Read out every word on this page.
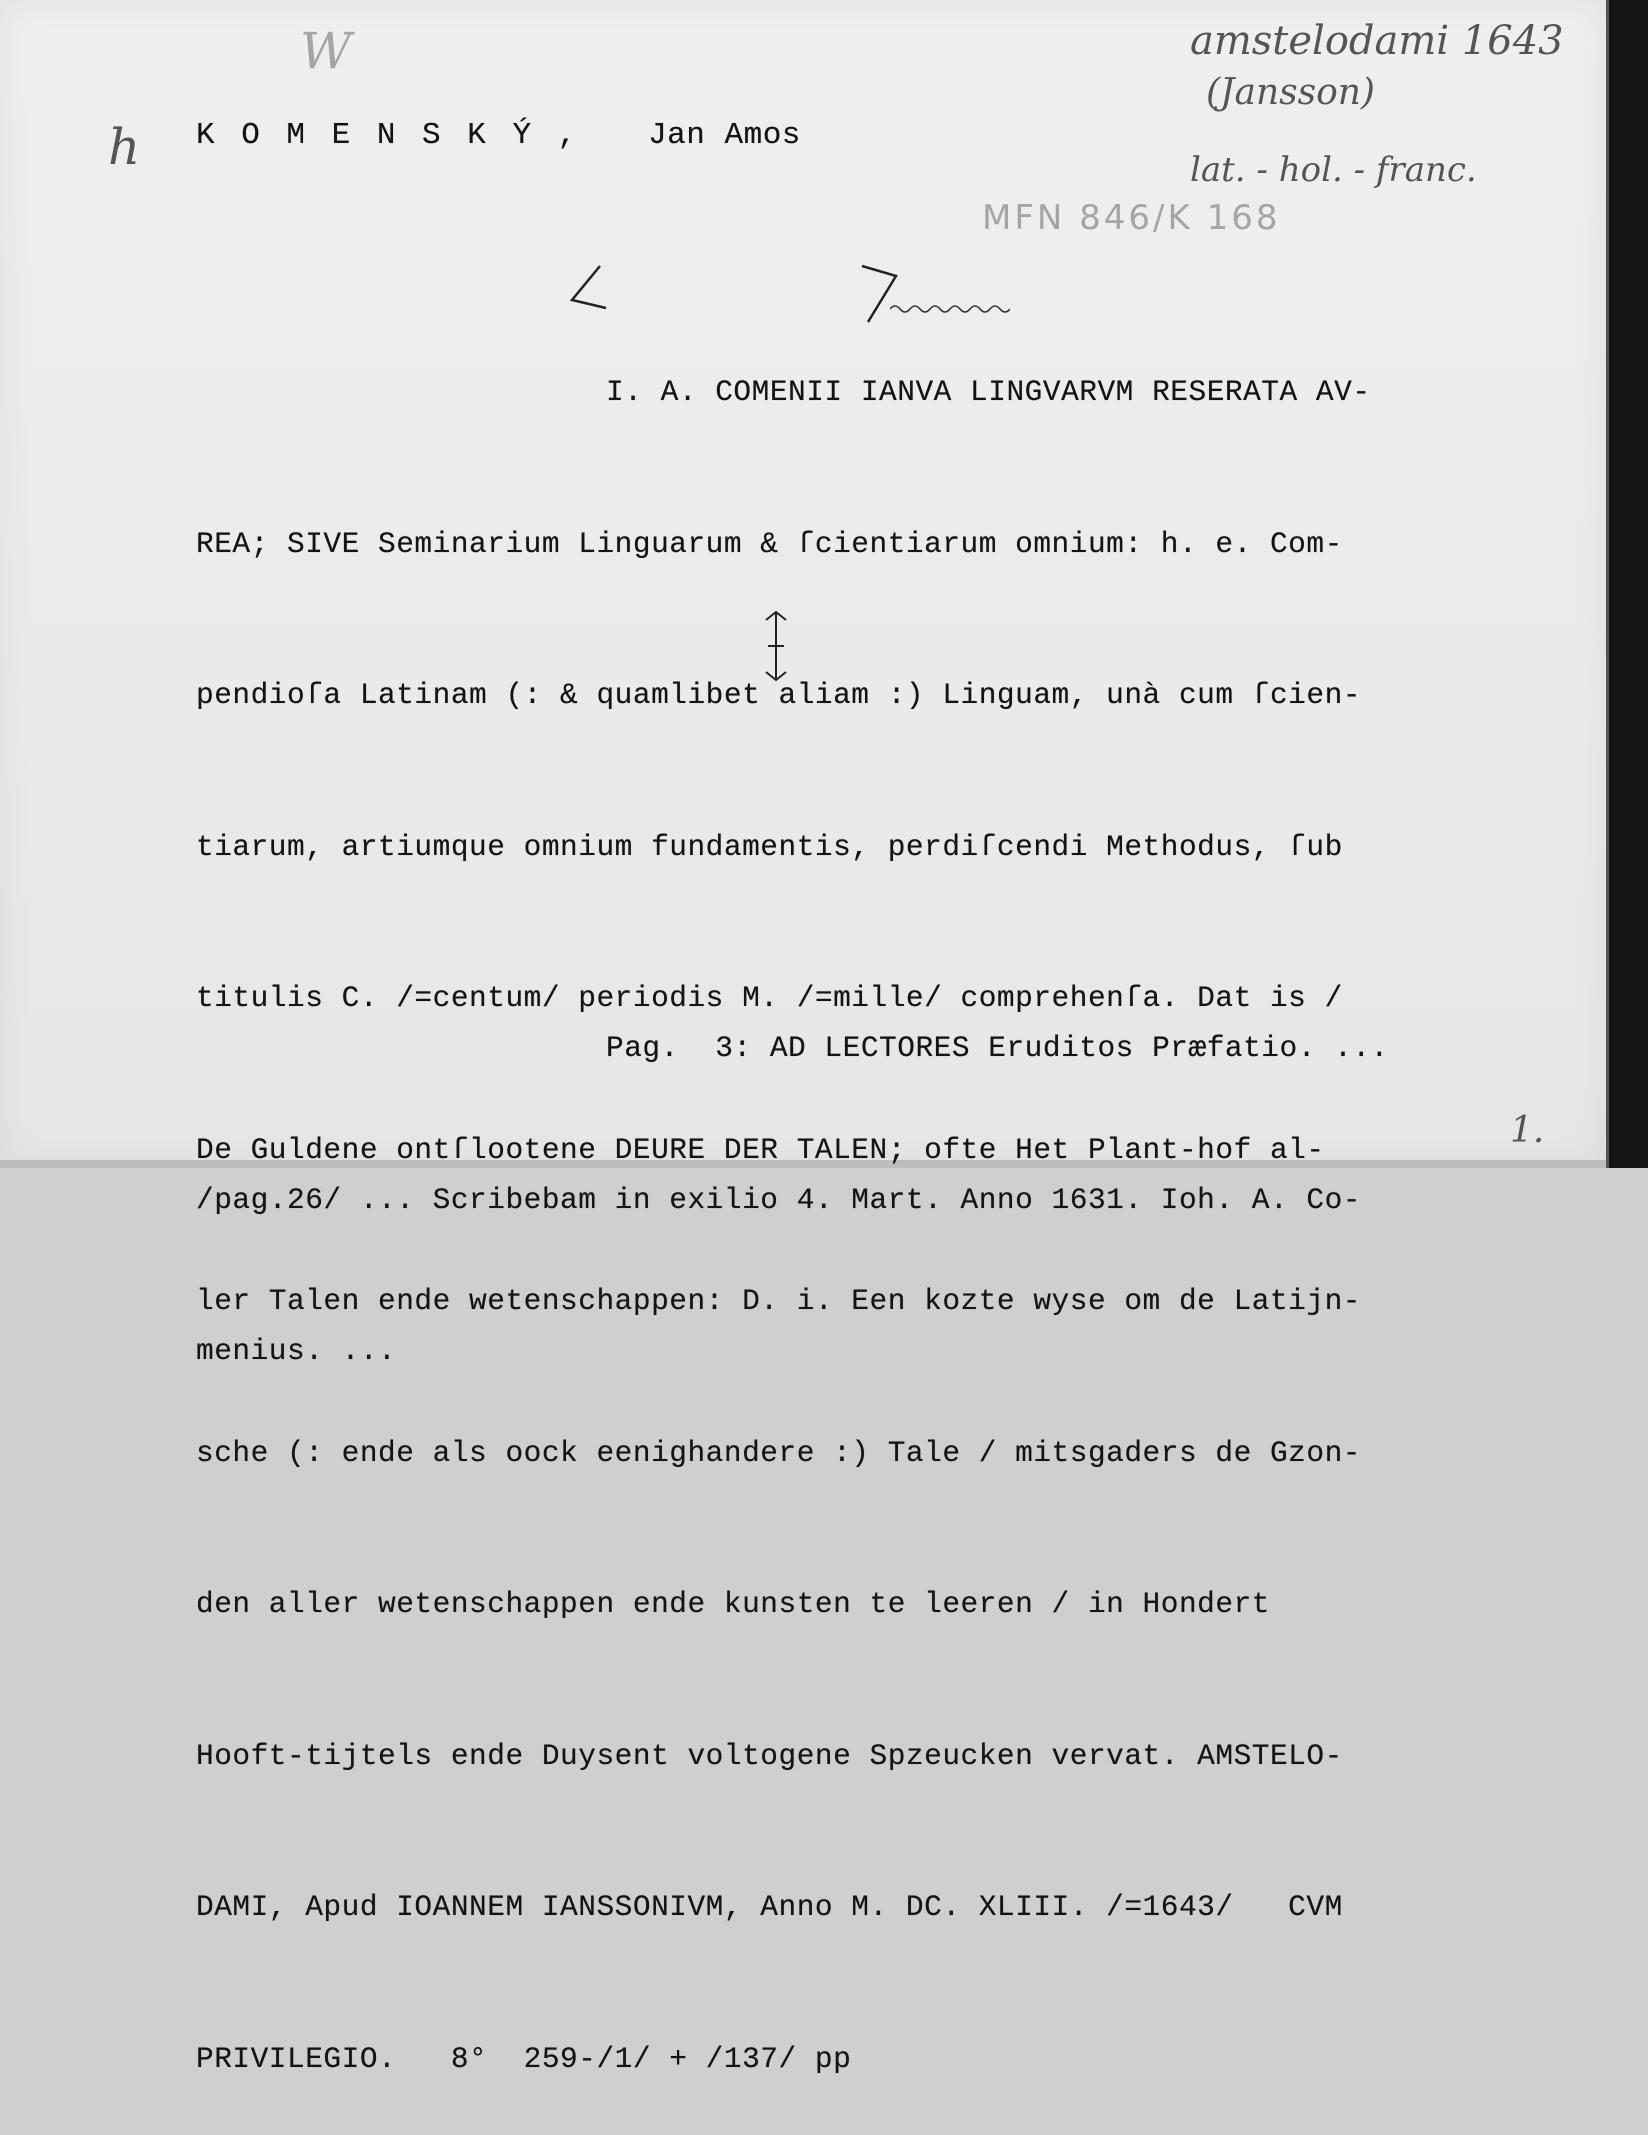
W
h
amstelodami 1643
(Jansson)
lat. - hol. - franc.
MFN 846/K 168
1.
K O M E N S K Ý , Jan Amos

I. A. COMENII IANVA LINGVARVM RESERATA AV-

REA; SIVE Seminarium Linguarum & ſcientiarum omnium: h. e. Com-

pendioſa Latinam (: & quamlibet aliam :) Linguam, unà cum ſcien-

tiarum, artiumque omnium fundamentis, perdiſcendi Methodus, ſub

titulis C. /=centum/ periodis M. /=mille/ comprehenſa. Dat is /

De Guldene ontſlootene DEURE DER TALEN; ofte Het Plant-hof al-

ler Talen ende wetenschappen: D. i. Een kozte wyse om de Latijn-

sche (: ende als oock eenighandere :) Tale / mitsgaders de Gzon-

den aller wetenschappen ende kunsten te leeren / in Hondert

Hooft-tijtels ende Duysent voltogene Spzeucken vervat. AMSTELO-

DAMI, Apud IOANNEM IANSSONIVM, Anno M. DC. XLIII. /=1643/   CVM

PRIVILEGIO.   8°  259-/1/ + /137/ pp

Pag.  3: AD LECTORES Eruditos Præfatio. ...

/pag.26/ ... Scribebam in exilio 4. Mart. Anno 1631. Ioh. A. Co-

menius. ...
